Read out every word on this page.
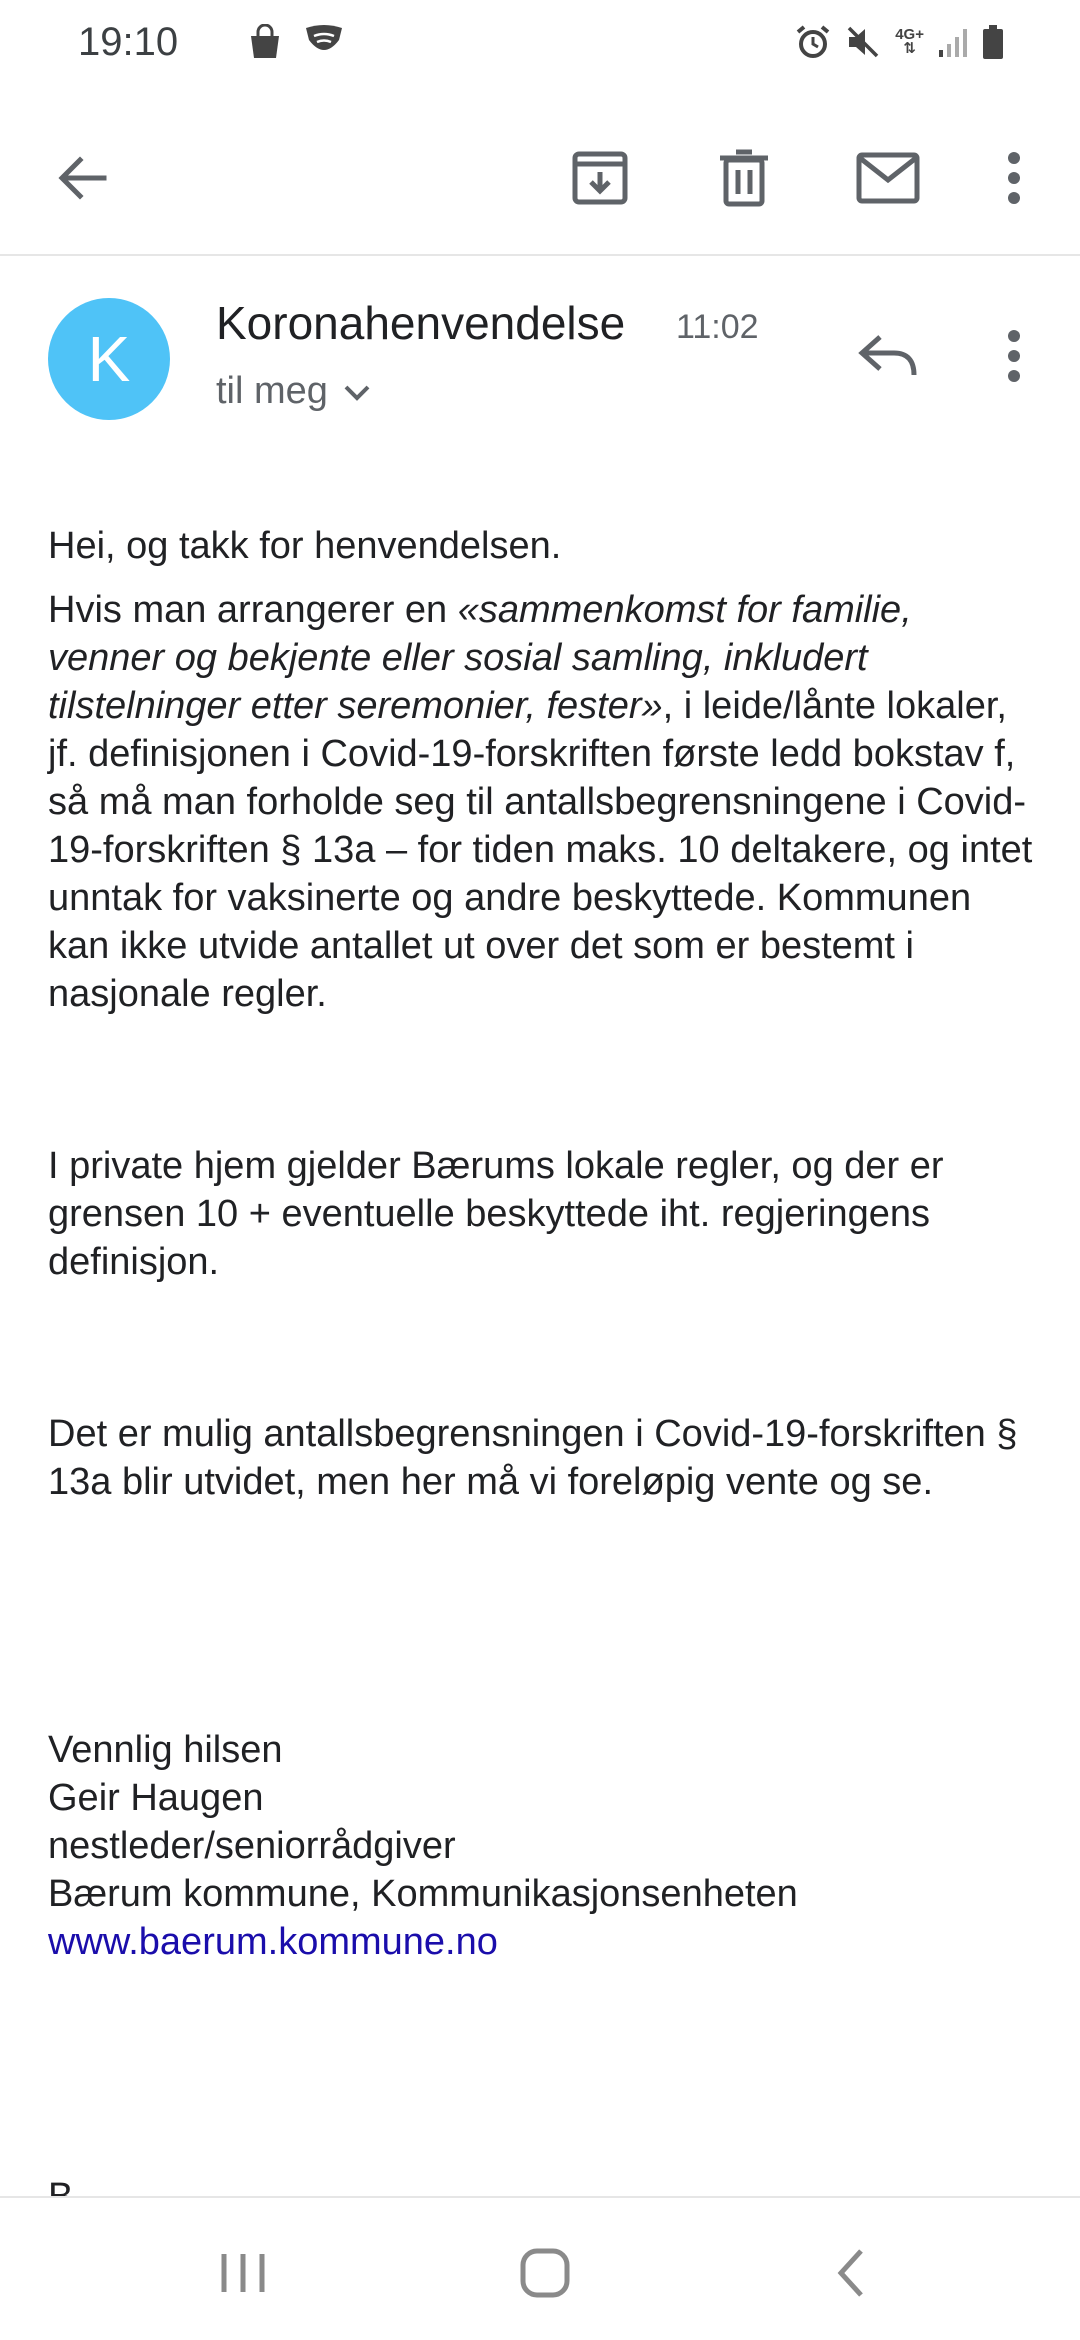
19:10	4G+
⇅
K	Koronahenvendelse 11:02
til meg

Hei, og takk for henvendelsen.

Hvis man arrangerer en «sammenkomst for familie, venner og bekjente eller sosial samling, inkludert tilstelninger etter seremonier, fester», i leide/lånte lokaler, jf. definisjonen i Covid-19-forskriften første ledd bokstav f, så må man forholde seg til antallsbegrensningene i Covid-19-forskriften § 13a – for tiden maks. 10 deltakere, og intet unntak for vaksinerte og andre beskyttede. Kommunen kan ikke utvide antallet ut over det som er bestemt i nasjonale regler.

I private hjem gjelder Bærums lokale regler, og der er grensen 10 + eventuelle beskyttede iht. regjeringens definisjon.

Det er mulig antallsbegrensningen i Covid-19-forskriften § 13a blir utvidet, men her må vi foreløpig vente og se.

Vennlig hilsen

Geir Haugen

nestleder/seniorrådgiver

Bærum kommune, Kommunikasjonsenheten

www.baerum.kommune.no
